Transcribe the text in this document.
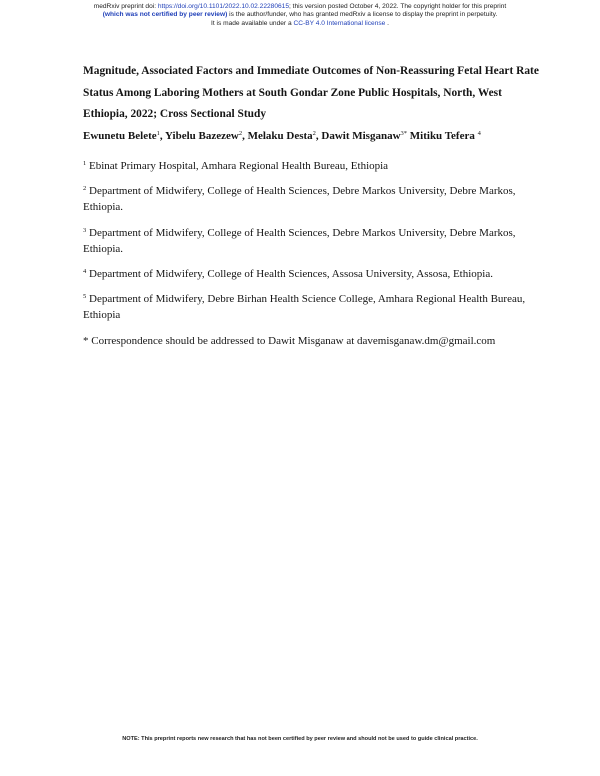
medRxiv preprint doi: https://doi.org/10.1101/2022.10.02.22280615; this version posted October 4, 2022. The copyright holder for this preprint
(which was not certified by peer review) is the author/funder, who has granted medRxiv a license to display the preprint in perpetuity.
It is made available under a CC-BY 4.0 International license .
Magnitude, Associated Factors and Immediate Outcomes of Non-Reassuring Fetal Heart Rate Status Among Laboring Mothers at South Gondar Zone Public Hospitals, North, West Ethiopia, 2022; Cross Sectional Study
Ewunetu Belete$^1$, Yibelu Bazezew$^2$, Melaku Desta$^2$, Dawit Misganaw$^{3*}$ Mitiku Tefera $^4$
$^1$ Ebinat Primary Hospital, Amhara Regional Health Bureau, Ethiopia
$^2$ Department of Midwifery, College of Health Sciences, Debre Markos University, Debre Markos, Ethiopia.
$^3$ Department of Midwifery, College of Health Sciences, Debre Markos University, Debre Markos, Ethiopia.
$^4$ Department of Midwifery, College of Health Sciences, Assosa University, Assosa, Ethiopia.
$^5$ Department of Midwifery, Debre Birhan Health Science College, Amhara Regional Health Bureau, Ethiopia
* Correspondence should be addressed to Dawit Misganaw at davemisganaw.dm@gmail.com
NOTE: This preprint reports new research that has not been certified by peer review and should not be used to guide clinical practice.
